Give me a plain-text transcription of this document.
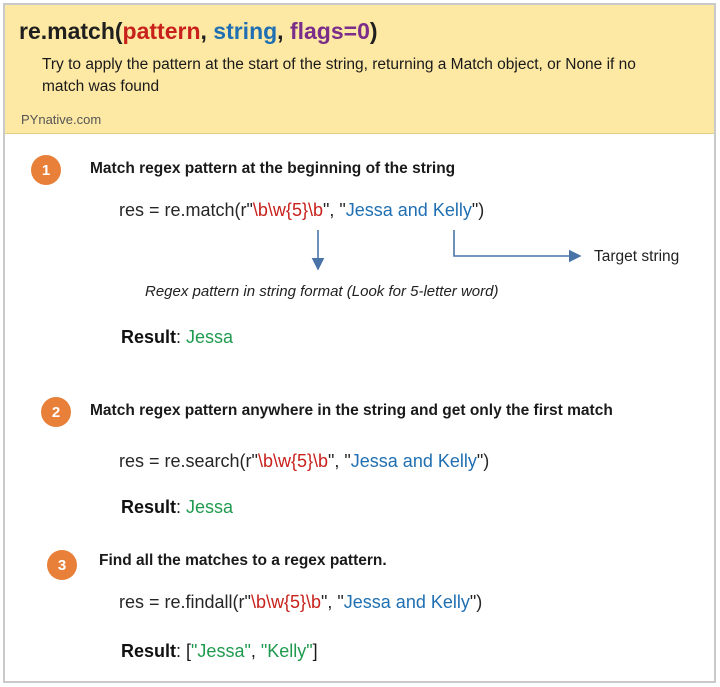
re.match(pattern, string, flags=0)
Try to apply the pattern at the start of the string, returning a Match object, or None if no match was found
PYnative.com
1	Match regex pattern at the beginning of the string
res = re.match(r"\b\w{5}\b", "Jessa and Kelly")
Target string
Regex pattern in string format (Look for 5-letter word)
Result: Jessa
2	Match regex pattern anywhere in the string and get only the first match
res = re.search(r"\b\w{5}\b", "Jessa and Kelly")
Result: Jessa
3	Find all the matches to a regex pattern.
res = re.findall(r"\b\w{5}\b", "Jessa and Kelly")
Result: ["Jessa", "Kelly"]
